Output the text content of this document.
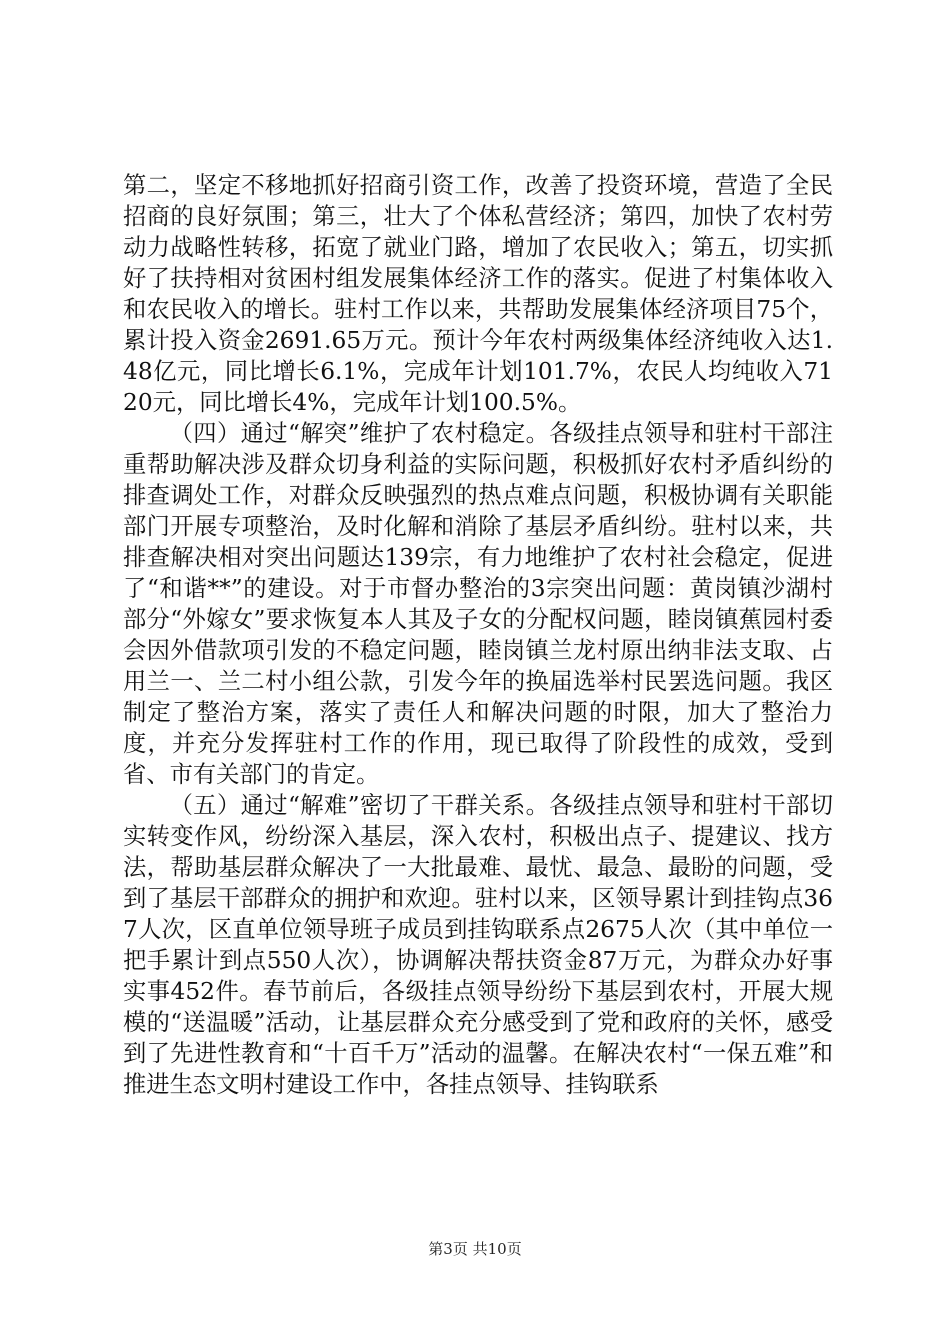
第二，坚定不移地抓好招商引资工作，改善了投资环境，营造了全民招商的良好氛围；第三，壮大了个体私营经济；第四，加快了农村劳动力战略性转移，拓宽了就业门路，增加了农民收入；第五，切实抓好了扶持相对贫困村组发展集体经济工作的落实。促进了村集体收入和农民收入的增长。驻村工作以来，共帮助发展集体经济项目75个，累计投入资金2691.65万元。预计今年农村两级集体经济纯收入达1.48亿元，同比增长6.1%，完成年计划101.7%，农民人均纯收入7120元，同比增长4%，完成年计划100.5%。

（四）通过“解突”维护了农村稳定。各级挂点领导和驻村干部注重帮助解决涉及群众切身利益的实际问题，积极抓好农村矛盾纠纷的排查调处工作，对群众反映强烈的热点难点问题，积极协调有关职能部门开展专项整治，及时化解和消除了基层矛盾纠纷。驻村以来，共排查解决相对突出问题达139宗，有力地维护了农村社会稳定，促进了“和谐**”的建设。对于市督办整治的3宗突出问题：黄岗镇沙湖村部分“外嫁女”要求恢复本人其及子女的分配权问题，睦岗镇蕉园村委会因外借款项引发的不稳定问题，睦岗镇兰龙村原出纳非法支取、占用兰一、兰二村小组公款，引发今年的换届选举村民罢选问题。我区制定了整治方案，落实了责任人和解决问题的时限，加大了整治力度，并充分发挥驻村工作的作用，现已取得了阶段性的成效，受到省、市有关部门的肯定。

（五）通过“解难”密切了干群关系。各级挂点领导和驻村干部切实转变作风，纷纷深入基层，深入农村，积极出点子、提建议、找方法，帮助基层群众解决了一大批最难、最忧、最急、最盼的问题，受到了基层干部群众的拥护和欢迎。驻村以来，区领导累计到挂钩点367人次，区直单位领导班子成员到挂钩联系点2675人次（其中单位一把手累计到点550人次），协调解决帮扶资金87万元，为群众办好事实事452件。春节前后，各级挂点领导纷纷下基层到农村，开展大规模的“送温暖”活动，让基层群众充分感受到了党和政府的关怀，感受到了先进性教育和“十百千万”活动的温馨。在解决农村“一保五难”和推进生态文明村建设工作中，各挂点领导、挂钩联系

第3页 共10页
